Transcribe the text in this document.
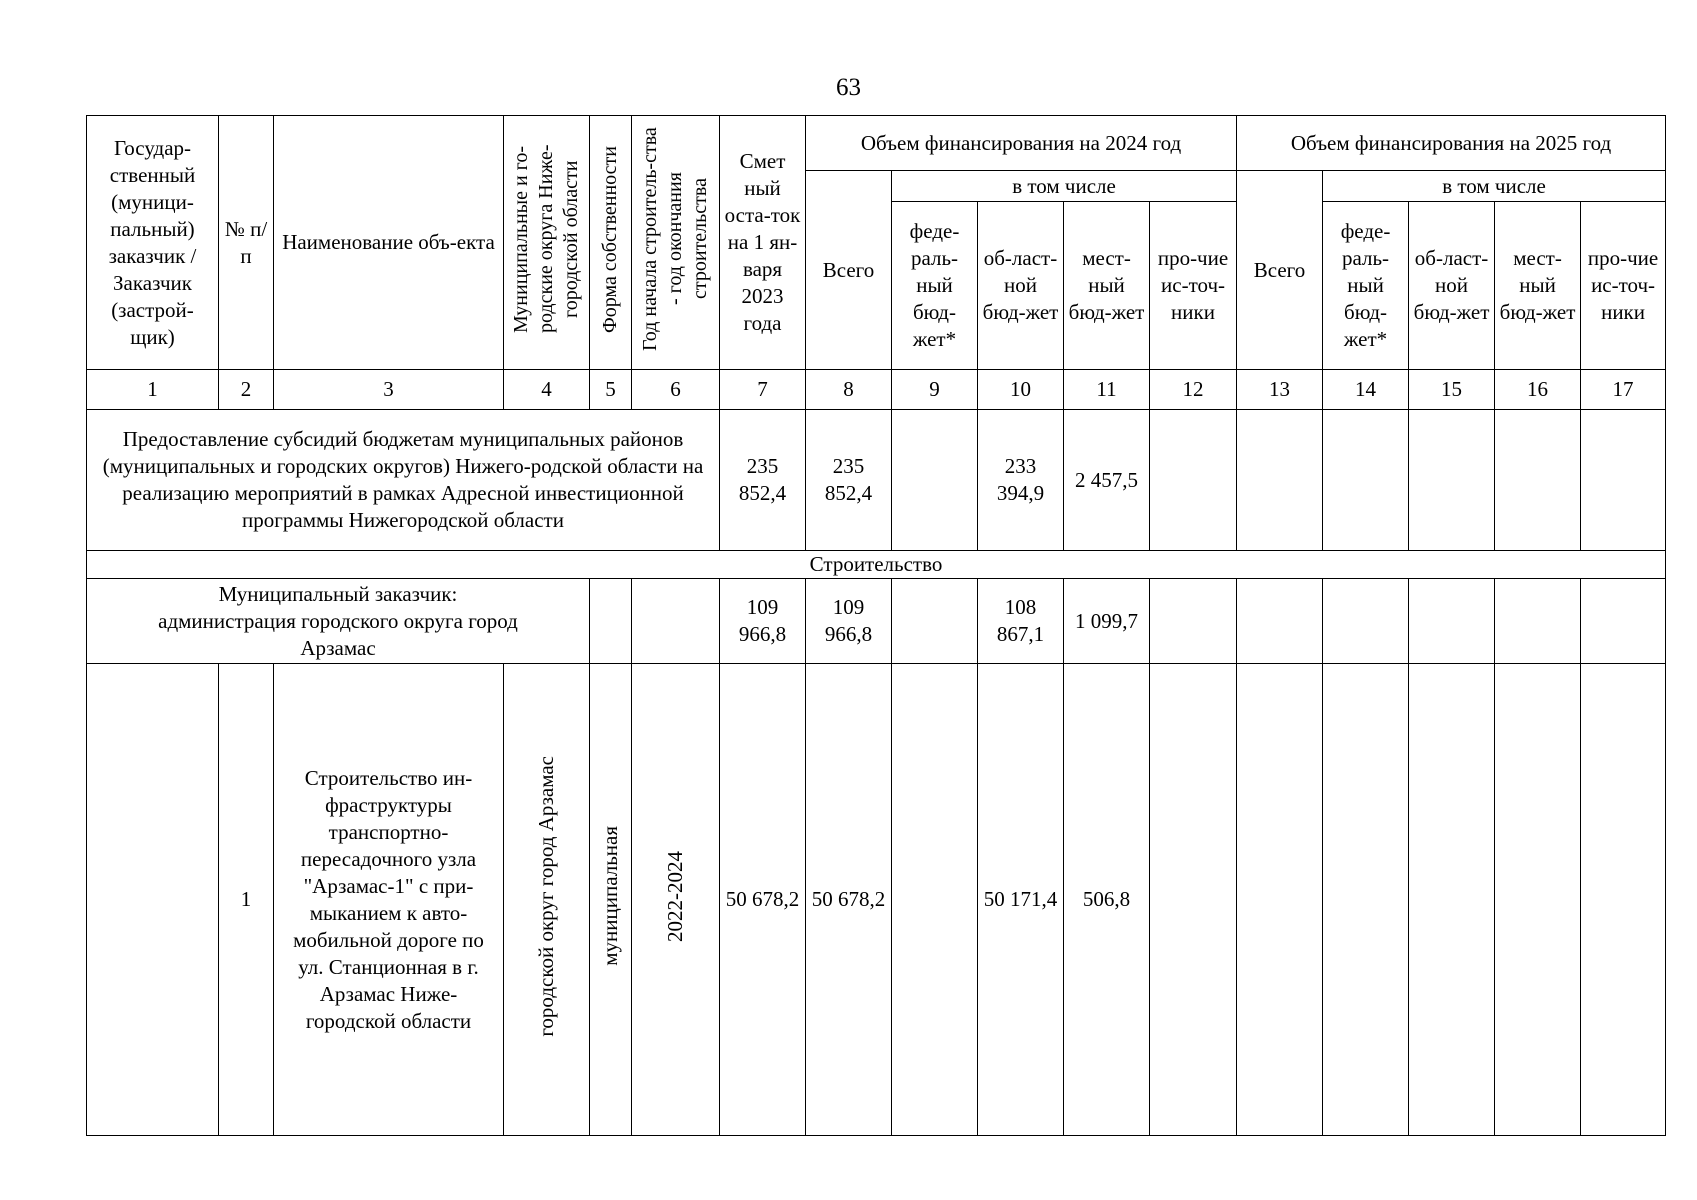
63
Государ-ственный (муници-пальный) заказчик / Заказчик (застрой-щик)	№ п/ п	Наименование объ-екта	Муниципальные и го-родские округа Ниже-городской области	Форма собственности	Год начала строитель-ства - год окончания строительства	Смет ный оста-ток на 1 ян-варя 2023 года	Объем финансирования на 2024 год					Объем финансирования на 2025 год				
							Всего	в том числе				Всего	в том числе			
								феде-раль-ный бюд-жет*	об-ласт-ной бюд-жет	мест-ный бюд-жет	про-чие ис-точ-ники		феде-раль-ный бюд-жет*	об-ласт-ной бюд-жет	мест-ный бюд-жет	про-чие ис-точ-ники
1	2	3	4	5	6	7	8	9	10	11	12	13	14	15	16	17
Предоставление субсидий бюджетам муниципальных районов (муниципальных и городских округов) Нижего-родской области на реализацию мероприятий в рамках Адресной инвестиционной программы Нижегородской области						235 852,4	235 852,4		233 394,9	2 457,5						
Строительство																
Муниципальный заказчик: администрация городского округа город Арзамас						109 966,8	109 966,8		108 867,1	1 099,7						
	1	Строительство ин-фраструктуры транспортно-пересадочного узла "Арзамас-1" с при-мыканием к авто-мобильной дороге по ул. Станционная в г. Арзамас Ниже-городской области	городской округ город Арзамас	муниципальная	2022-2024	50 678,2	50 678,2		50 171,4	506,8						
